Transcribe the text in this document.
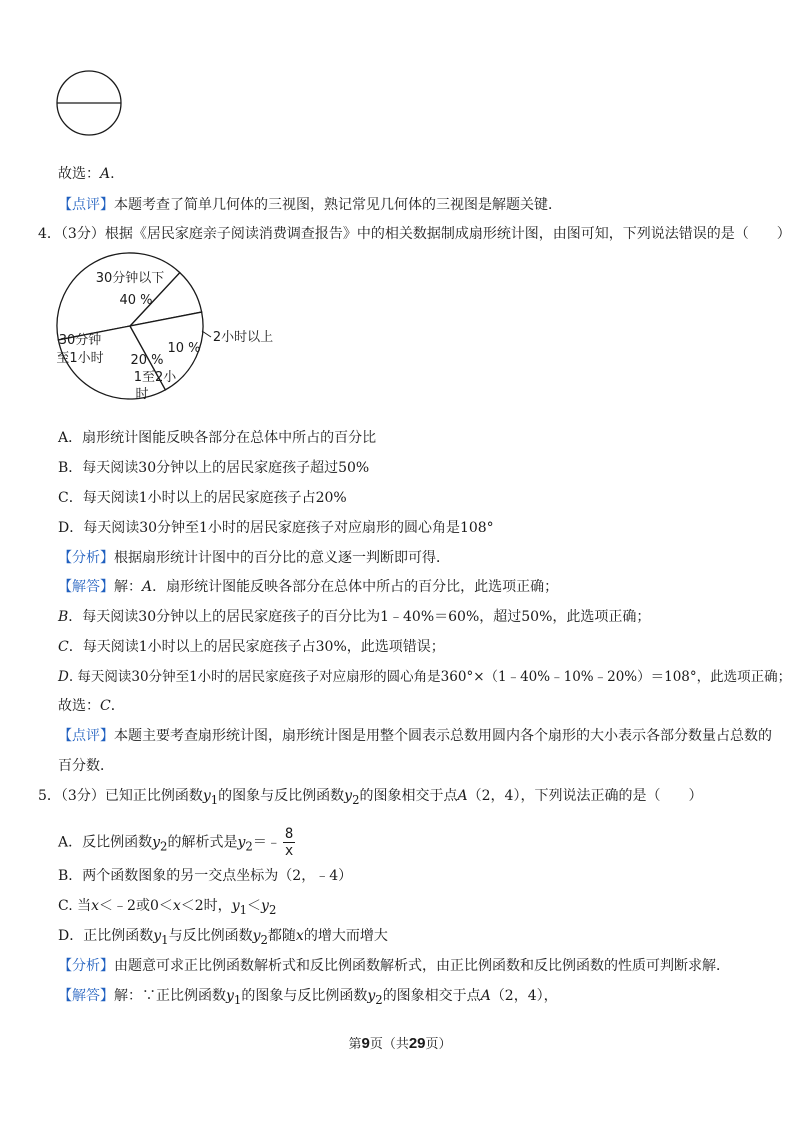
故选：A.
【点评】本题考查了简单几何体的三视图，熟记常见几何体的三视图是解题关键．
4．（3分）根据《居民家庭亲子阅读消费调查报告》中的相关数据制成扇形统计图，由图可知，下列说法错误的是（　　）
30分钟以下
40 %
30分钟
至1小时 20 %
1至2小
时
10 %
2小时以上
A．扇形统计图能反映各部分在总体中所占的百分比
B．每天阅读30分钟以上的居民家庭孩子超过50%
C．每天阅读1小时以上的居民家庭孩子占20%
D．每天阅读30分钟至1小时的居民家庭孩子对应扇形的圆心角是108°
【分析】根据扇形统计计图中的百分比的意义逐一判断即可得．
【解答】解：A．扇形统计图能反映各部分在总体中所占的百分比，此选项正确；
B．每天阅读30分钟以上的居民家庭孩子的百分比为1﹣40%＝60%，超过50%，此选项正确；
C．每天阅读1小时以上的居民家庭孩子占30%，此选项错误；
D. 每天阅读30分钟至1小时的居民家庭孩子对应扇形的圆心角是360°×（1﹣40%﹣10%﹣20%）＝108°，此选项正确；
故选：C．
【点评】本题主要考查扇形统计图，扇形统计图是用整个圆表示总数用圆内各个扇形的大小表示各部分数量占总数的
百分数．
5．（3分）已知正比例函数$y_1$的图象与反比例函数$y_2$的图象相交于点A（2，4），下列说法正确的是（　　）
A．反比例函数$y_2$的解析式是$y_2=﹣ \frac{8}{x}$
B．两个函数图象的另一交点坐标为（2，﹣4）
C. 当x＜﹣2或0＜x＜2时，$y_1<y_2$
D．正比例函数$y_1$与反比例函数$y_2$都随x的增大而增大
【分析】由题意可求正比例函数解析式和反比例函数解析式，由正比例函数和反比例函数的性质可判断求解．
【解答】解：∵正比例函数$y_1$的图象与反比例函数$y_2$的图象相交于点A（2，4），
第9页（共29页）
